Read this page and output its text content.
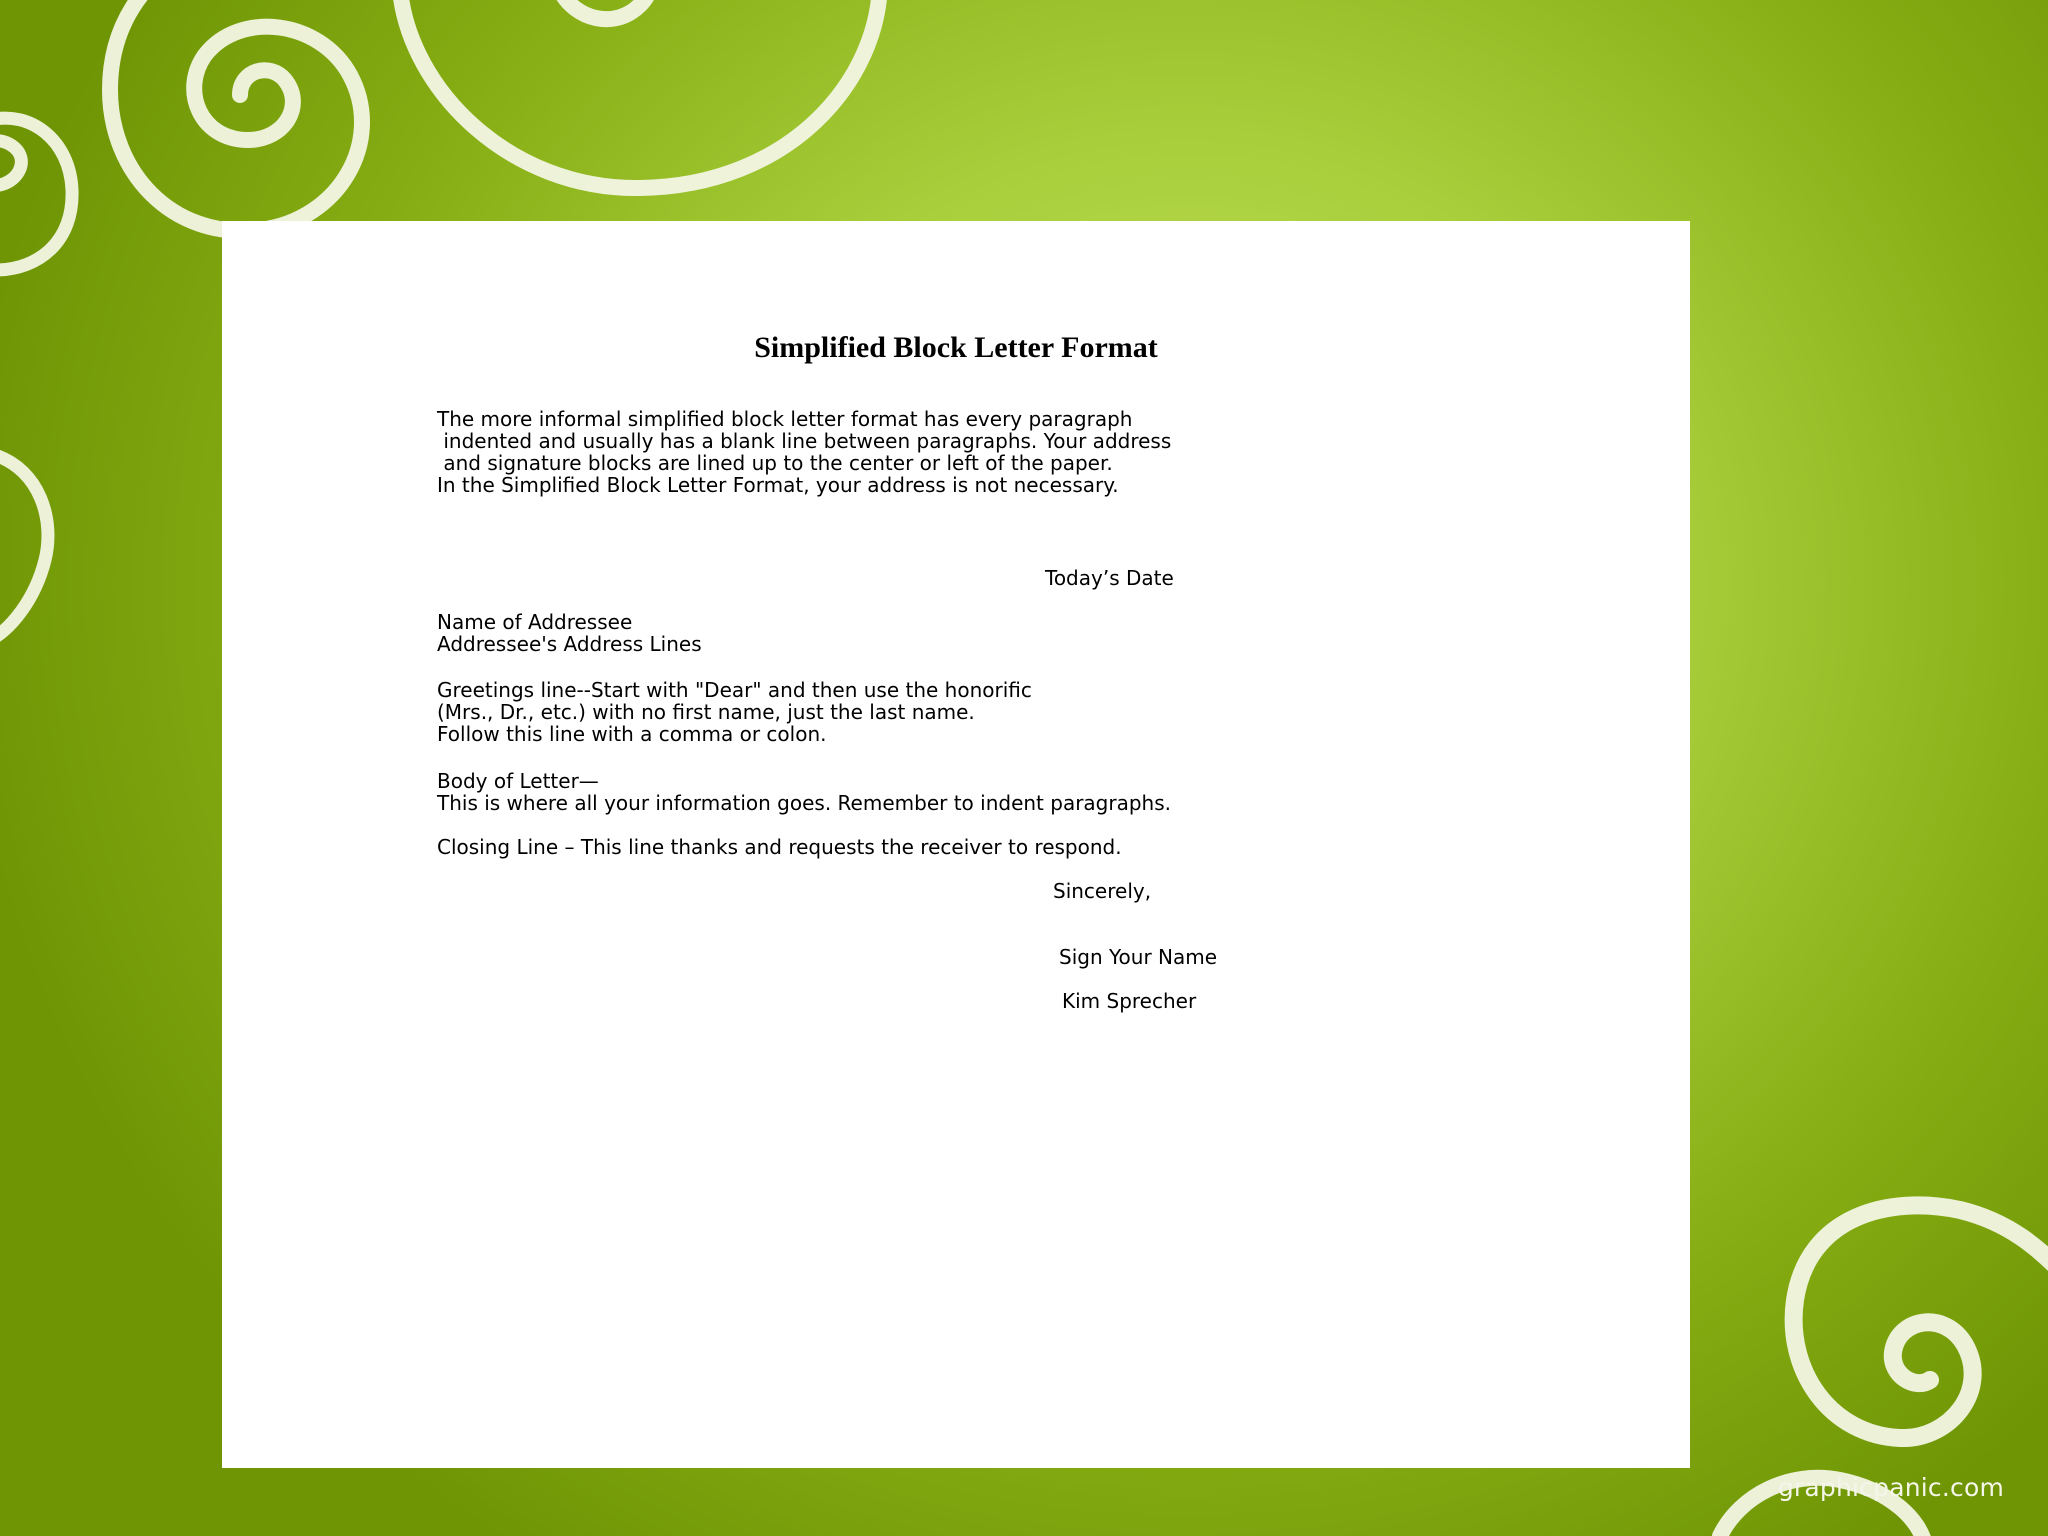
Simplified Block Letter Format

The more informal simplified block letter format has every paragraph

indented and usually has a blank line between paragraphs. Your address

and signature blocks are lined up to the center or left of the paper.

In the Simplified Block Letter Format, your address is not necessary.

Today’s Date

Name of Addressee

Addressee's Address Lines

Greetings line--Start with "Dear" and then use the honorific

(Mrs., Dr., etc.) with no first name, just the last name.

Follow this line with a comma or colon.

Body of Letter—

This is where all your information goes. Remember to indent paragraphs.

Closing Line – This line thanks and requests the receiver to respond.

Sincerely,

Sign Your Name

Kim Sprecher

graphicpanic.com
